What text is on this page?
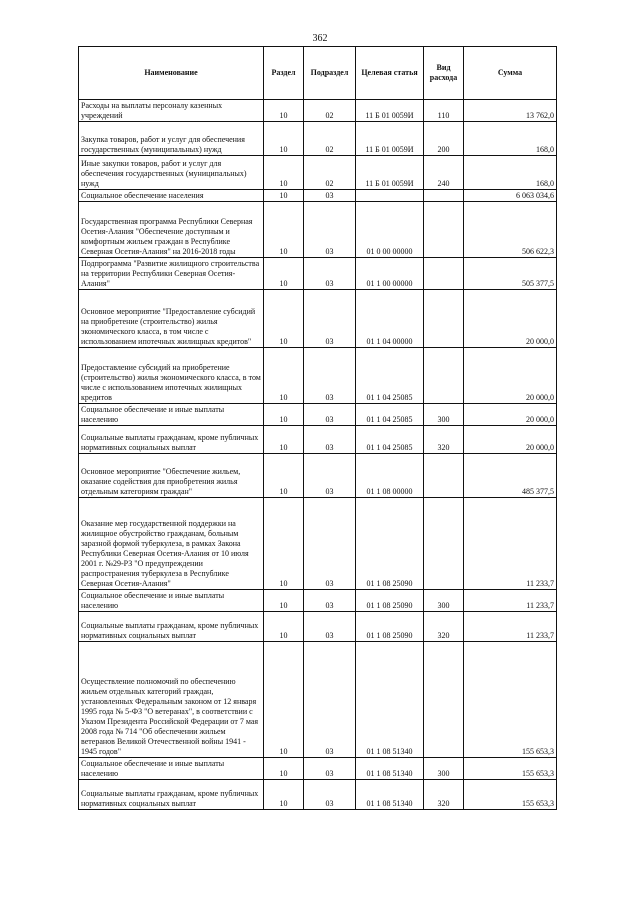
362
Наименование	Раздел	Подраздел	Целевая статья	Вид расхода	Сумма
Расходы на выплаты персоналу казенных учреждений	10	02	11 Б 01 0059И	110	13 762,0
Закупка товаров, работ и услуг для обеспечения государственных (муниципальных) нужд	10	02	11 Б 01 0059И	200	168,0
Иные закупки товаров, работ и услуг для обеспечения государственных (муниципальных) нужд	10	02	11 Б 01 0059И	240	168,0
Социальное обеспечение населения	10	03			6 063 034,6
Государственная программа Республики Северная Осетия-Алания "Обеспечение доступным и комфортным жильем граждан в Республике Северная Осетия-Алания" на 2016-2018 годы	10	03	01 0 00 00000		506 622,3
Подпрограмма "Развитие жилищного строительства на территории Республики Северная Осетия-Алания"	10	03	01 1 00 00000		505 377,5
Основное мероприятие "Предоставление субсидий на приобретение (строительство) жилья экономического класса, в том числе с использованием ипотечных жилищных кредитов"	10	03	01 1 04 00000		20 000,0
Предоставление субсидий на приобретение (строительство) жилья экономического класса, в том числе с использованием ипотечных жилищных кредитов	10	03	01 1 04 25085		20 000,0
Социальное обеспечение и иные выплаты населению	10	03	01 1 04 25085	300	20 000,0
Социальные выплаты гражданам, кроме публичных нормативных социальных выплат	10	03	01 1 04 25085	320	20 000,0
Основное мероприятие "Обеспечение жильем, оказание содействия для приобретения жилья отдельным категориям граждан"	10	03	01 1 08 00000		485 377,5
Оказание мер государственной поддержки на жилищное обустройство гражданам, больным заразной формой туберкулеза, в рамках Закона Республики Северная Осетия-Алания от 10 июля 2001 г. №29-РЗ "О предупреждении распространения туберкулеза в Республике Северная Осетия-Алания"	10	03	01 1 08 25090		11 233,7
Социальное обеспечение и иные выплаты населению	10	03	01 1 08 25090	300	11 233,7
Социальные выплаты гражданам, кроме публичных нормативных социальных выплат	10	03	01 1 08 25090	320	11 233,7
Осуществление полномочий по обеспечению жильем отдельных категорий граждан, установленных Федеральным законом от 12 января 1995 года № 5-ФЗ "О ветеранах", в соответствии с Указом Президента Российской Федерации от 7 мая 2008 года № 714 "Об обеспечении жильем ветеранов Великой Отечественной войны 1941 - 1945 годов"	10	03	01 1 08 51340		155 653,3
Социальное обеспечение и иные выплаты населению	10	03	01 1 08 51340	300	155 653,3
Социальные выплаты гражданам, кроме публичных нормативных социальных выплат	10	03	01 1 08 51340	320	155 653,3
